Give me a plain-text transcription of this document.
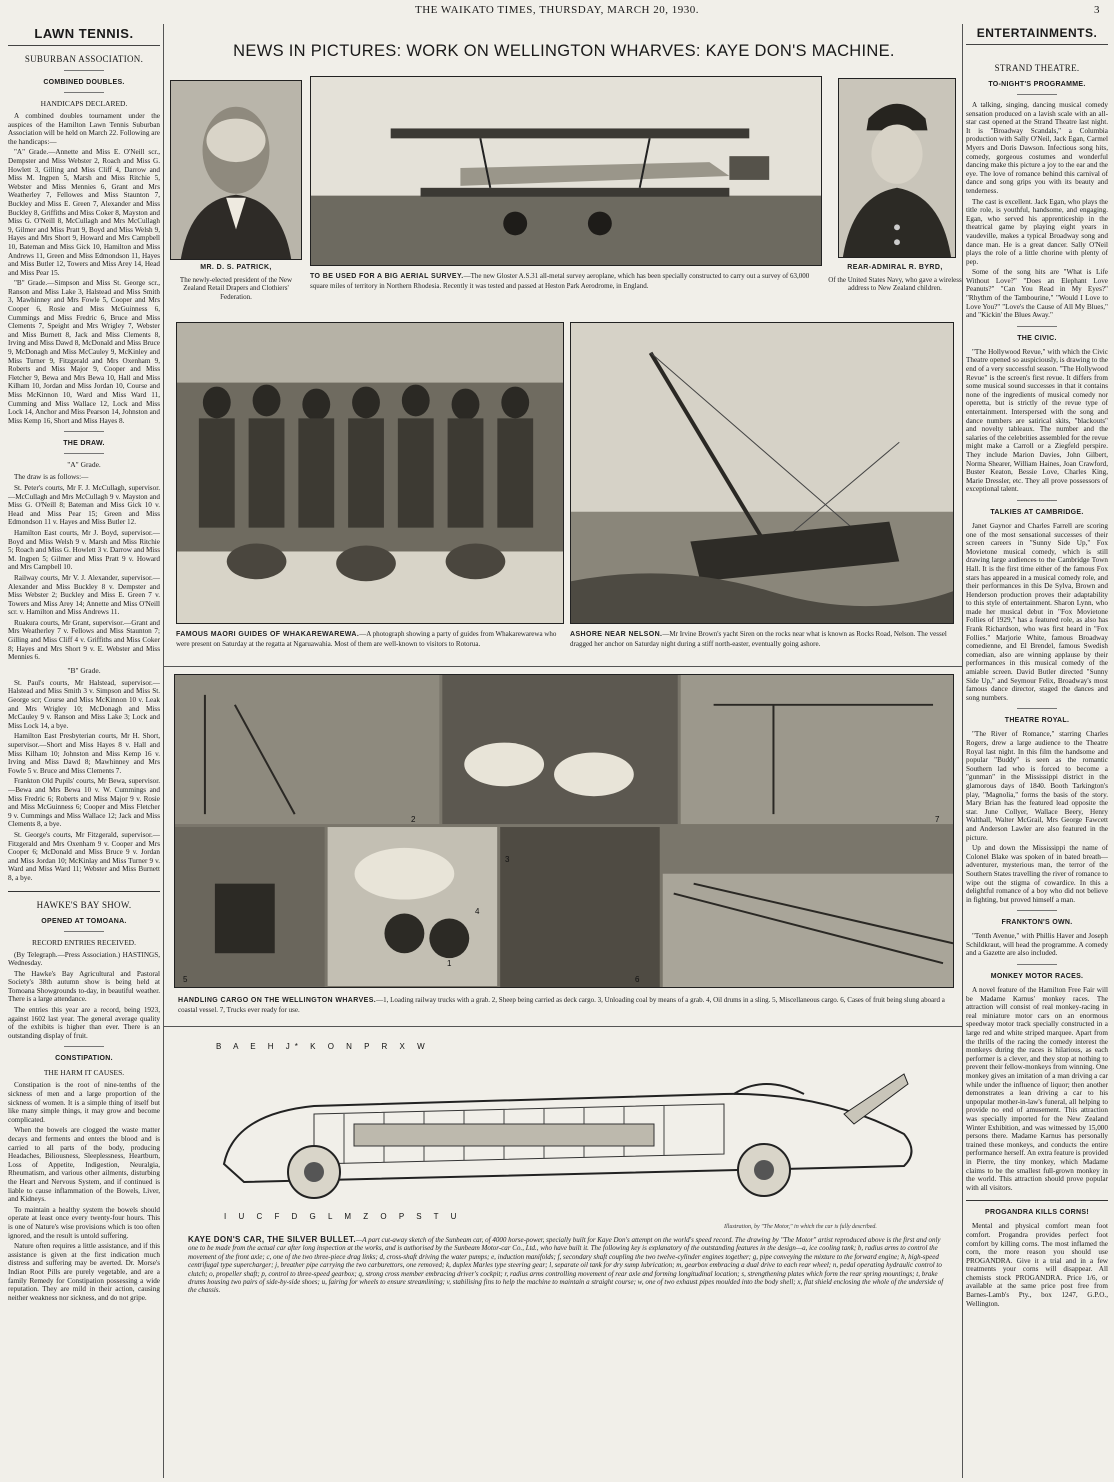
THE WAIKATO TIMES, THURSDAY, MARCH 20, 1930.	3
LAWN TENNIS.
SUBURBAN ASSOCIATION.
COMBINED DOUBLES.
HANDICAPS DECLARED.

A combined doubles tournament under the auspices of the Hamilton Lawn Tennis Suburban Association will be held on March 22. Following are the handicaps:—

"A" Grade.—Annette and Miss E. O'Neill scr., Dempster and Miss Webster 2, Roach and Miss G. Howlett 3, Gilling and Miss Cliff 4, Darrow and Miss M. Ingpen 5, Marsh and Miss Ritchie 5, Webster and Miss Mennies 6, Grant and Mrs Weatherley 7, Fellowes and Miss Staunton 7, Buckley and Miss E. Green 7, Alexander and Miss Buckley 8, Griffiths and Miss Coker 8, Mayston and Miss G. O'Neill 8, McCullagh and Mrs McCullagh 9, Gilmer and Miss Pratt 9, Boyd and Miss Welsh 9, Hayes and Mrs Short 9, Howard and Mrs Campbell 10, Bateman and Miss Gick 10, Hamilton and Miss Andrews 11, Green and Miss Edmondson 11, Hayes and Miss Butler 12, Towers and Miss Arey 14, Head and Miss Pear 15.

"B" Grade.—Simpson and Miss St. George scr., Ranson and Miss Lake 3, Halstead and Miss Smith 3, Mawhinney and Mrs Fowle 5, Cooper and Mrs Cooper 6, Rosie and Miss McGuinness 6, Cummings and Miss Fredric 6, Bruce and Miss Clements 7, Speight and Mrs Wrigley 7, Webster and Miss Burnett 8, Jack and Miss Clements 8, Irving and Miss Dawd 8, McDonald and Miss Bruce 9, McDonagh and Miss McCauley 9, McKinley and Miss Turner 9, Fitzgerald and Mrs Oxenham 9, Roberts and Miss Major 9, Cooper and Miss Fletcher 9, Bewa and Mrs Bewa 10, Hall and Miss Kilham 10, Jordan and Miss Jordan 10, Course and Miss McKinnon 10, Ward and Miss Ward 11, Cumming and Miss Wallace 12, Lock and Miss Lock 14, Anchor and Miss Pearson 14, Johnston and Miss Kemp 16, Short and Miss Hayes 8.

THE DRAW.
"A" Grade.

The draw is as follows:—

St. Peter's courts, Mr F. J. McCullagh, supervisor.—McCullagh and Mrs McCullagh 9 v. Mayston and Miss G. O'Neill 8; Bateman and Miss Gick 10 v. Head and Miss Pear 15; Green and Miss Edmondson 11 v. Hayes and Miss Butler 12.

Hamilton East courts, Mr J. Boyd, supervisor.—Boyd and Miss Welsh 9 v. Marsh and Miss Ritchie 5; Roach and Miss G. Howlett 3 v. Darrow and Miss M. Ingpen 5; Gilmer and Miss Pratt 9 v. Howard and Mrs Campbell 10.

Railway courts, Mr V. J. Alexander, supervisor.—Alexander and Miss Buckley 8 v. Dempster and Miss Webster 2; Buckley and Miss E. Green 7 v. Towers and Miss Arey 14; Annette and Miss O'Neill scr. v. Hamilton and Miss Andrews 11.

Ruakura courts, Mr Grant, supervisor.—Grant and Mrs Weatherley 7 v. Fellows and Miss Staunton 7; Gilling and Miss Cliff 4 v. Griffiths and Miss Coker 8; Hayes and Mrs Short 9 v. E. Webster and Miss Mennies 6.

"B" Grade.

St. Paul's courts, Mr Halstead, supervisor.—Halstead and Miss Smith 3 v. Simpson and Miss St. George scr; Course and Miss McKinnon 10 v. Leak and Mrs Wrigley 10; McDonagh and Miss McCauley 9 v. Ranson and Miss Lake 3; Lock and Miss Lock 14, a bye.

Hamilton East Presbyterian courts, Mr H. Short, supervisor.—Short and Miss Hayes 8 v. Hall and Miss Kilham 10; Johnston and Miss Kemp 16 v. Irving and Miss Dawd 8; Mawhinney and Mrs Fowle 5 v. Bruce and Miss Clements 7.

Frankton Old Pupils' courts, Mr Bewa, supervisor.—Bewa and Mrs Bewa 10 v. W. Cummings and Miss Fredric 6; Roberts and Miss Major 9 v. Rosie and Miss McGuinness 6; Cooper and Miss Fletcher 9 v. Cummings and Miss Wallace 12; Jack and Miss Clements 8, a bye.

St. George's courts, Mr Fitzgerald, supervisor.—Fitzgerald and Mrs Oxenham 9 v. Cooper and Mrs Cooper 6; McDonald and Miss Bruce 9 v. Jordan and Miss Jordan 10; McKinlay and Miss Turner 9 v. Ward and Miss Ward 11; Webster and Miss Burnett 8, a bye.

HAWKE'S BAY SHOW.
OPENED AT TOMOANA.
RECORD ENTRIES RECEIVED.

(By Telegraph.—Press Association.) HASTINGS, Wednesday.

The Hawke's Bay Agricultural and Pastoral Society's 38th autumn show is being held at Tomoana Showgrounds to-day, in beautiful weather. There is a large attendance.

The entries this year are a record, being 1923, against 1602 last year. The general average quality of the exhibits is higher than ever. There is an outstanding display of fruit.

CONSTIPATION.
THE HARM IT CAUSES.

Constipation is the root of nine-tenths of the sickness of men and a large proportion of the sickness of women. It is a simple thing of itself but like many simple things, it may grow and become complicated.

When the bowels are clogged the waste matter decays and ferments and enters the blood and is carried to all parts of the body, producing Headaches, Biliousness, Sleeplessness, Heartburn, Loss of Appetite, Indigestion, Neuralgia, Rheumatism, and various other ailments, disturbing the Heart and Nervous System, and if continued is liable to cause inflammation of the Bowels, Liver, and Kidneys.

To maintain a healthy system the bowels should operate at least once every twenty-four hours. This is one of Nature's wise provisions which is too often ignored, and the result is untold suffering.

Nature often requires a little assistance, and if this assistance is given at the first indication much distress and suffering may be averted. Dr. Morse's Indian Root Pills are purely vegetable, and are a family Remedy for Constipation possessing a wide reputation. They are mild in their action, causing neither weakness nor sickness, and do not gripe.

NEWS IN PICTURES: WORK ON WELLINGTON WHARVES: KAYE DON'S MACHINE.
MR. D. S. PATRICK,
The newly-elected president of the New Zealand Retail Drapers and Clothiers' Federation.
TO BE USED FOR A BIG AERIAL SURVEY.—The new Gloster A.S.31 all-metal survey aeroplane, which has been specially constructed to carry out a survey of 63,000 square miles of territory in Northern Rhodesia. Recently it was tested and passed at Heston Park Aerodrome, in England.
REAR-ADMIRAL R. BYRD,
Of the United States Navy, who gave a wireless address to New Zealand children.
FAMOUS MAORI GUIDES OF WHAKAREWAREWA.—A photograph showing a party of guides from Whakarewarewa who were present on Saturday at the regatta at Ngaruawahia. Most of them are well-known to visitors to Rotorua.
ASHORE NEAR NELSON.—Mr Irvine Brown's yacht Siren on the rocks near what is known as Rocks Road, Nelson. The vessel dragged her anchor on Saturday night during a stiff north-easter, eventually going ashore.
2
3
4
1
5	6
7
HANDLING CARGO ON THE WELLINGTON WHARVES.—1, Loading railway trucks with a grab. 2, Sheep being carried as deck cargo. 3, Unloading coal by means of a grab. 4, Oil drums in a sling. 5, Miscellaneous cargo. 6, Cases of fruit being slung aboard a coastal vessel. 7, Trucks ever ready for use.
B A E H J* K O N P R X W
I U C F D G L M Z O P S T U
Illustration, by "The Motor," in which the car is fully described.
KAYE DON'S CAR, THE SILVER BULLET.—A part cut-away sketch of the Sunbeam car, of 4000 horse-power, specially built for Kaye Don's attempt on the world's speed record. The drawing by "The Motor" artist reproduced above is the first and only one to be made from the actual car after long inspection at the works, and is authorised by the Sunbeam Motor-car Co., Ltd., who have built it. The following key is explanatory of the outstanding features in the design—a, ice cooling tank; b, radius arms to control the movement of the front axle; c, one of the two three-piece drag links; d, cross-shaft driving the water pumps; e, induction manifolds; f, secondary shaft coupling the two twelve-cylinder engines together; g, pipe conveying the mixture to the forward engine; h, high-speed centrifugal type supercharger; j, breather pipe carrying the two carburettors, one removed; k, duplex Marles type steering gear; l, separate oil tank for dry sump lubrication; m, gearbox embracing a dual drive to each rear wheel; n, pedal operating hydraulic control to clutch; o, propeller shaft; p, control to three-speed gearbox; q, strong cross member embracing driver's cockpit; r, radius arms controlling movement of rear axle and forming longitudinal location; s, strengthening plates which form the rear spring mountings; t, brake drums housing two pairs of side-by-side shoes; u, fairing for wheels to ensure streamlining; v, stabilising fins to help the machine to maintain a straight course; w, one of two exhaust pipes moulded into the body shell; x, flat shield enclosing the whole of the underside of the chassis.
ENTERTAINMENTS.
STRAND THEATRE.
TO-NIGHT'S PROGRAMME.

A talking, singing, dancing musical comedy sensation produced on a lavish scale with an all-star cast opened at the Strand Theatre last night. It is "Broadway Scandals," a Columbia production with Sally O'Neil, Jack Egan, Carmel Myers and Doris Dawson. Infectious song hits, comedy, gorgeous costumes and wonderful dancing make this picture a joy to the ear and the eye. The love of romance behind this carnival of dance and song grips you with its beauty and tenderness.

The cast is excellent. Jack Egan, who plays the title role, is youthful, handsome, and engaging. Egan, who served his apprenticeship in the theatrical game by playing eight years in vaudeville, makes a typical Broadway song and dance man. He is a great dancer. Sally O'Neil plays the role of a little chorine with plenty of pep.

Some of the song hits are "What is Life Without Love?" "Does an Elephant Love Peanuts?" "Can You Read in My Eyes?" "Rhythm of the Tambourine," "Would I Love to Love You?" "Love's the Cause of All My Blues," and "Kickin' the Blues Away."

THE CIVIC.

"The Hollywood Revue," with which the Civic Theatre opened so auspiciously, is drawing to the end of a very successful season. "The Hollywood Revue" is the screen's first revue. It differs from some musical sound successes in that it contains none of the ingredients of musical comedy nor operetta, but is strictly of the revue type of entertainment. Interspersed with the song and dance numbers are satirical skits, "blackouts" and novelty tableaux. The number and the salaries of the celebrities assembled for the revue might make a Carroll or a Ziegfeld perspire. They include Marion Davies, John Gilbert, Norma Shearer, William Haines, Joan Crawford, Buster Keaton, Bessie Love, Charles King, Marie Dressler, etc. They all prove possessors of exceptional talent.

TALKIES AT CAMBRIDGE.

Janet Gaynor and Charles Farrell are scoring one of the most sensational successes of their screen careers in "Sunny Side Up," Fox Movietone musical comedy, which is still drawing large audiences to the Cambridge Town Hall. It is the first time either of the famous Fox stars has appeared in a musical comedy role, and their performances in this De Sylva, Brown and Henderson production proves their adaptability to this style of entertainment. Sharon Lynn, who made her musical debut in "Fox Movietone Follies of 1929," has a featured role, as also has Frank Richardson, who was first heard in "Fox Follies." Marjorie White, famous Broadway comedienne, and El Brendel, famous Swedish comedian, also are winning applause by their performances in this musical comedy of the amiable screen. David Butler directed "Sunny Side Up," and Seymour Felix, Broadway's most famous dance director, staged the dances and song numbers.

THEATRE ROYAL.

"The River of Romance," starring Charles Rogers, drew a large audience to the Theatre Royal last night. In this film the handsome and popular "Buddy" is seen as the romantic Southern lad who is forced to become a "gunman" in the Mississippi district in the glamorous days of 1840. Booth Tarkington's play, "Magnolia," forms the basis of the story. Mary Brian has the featured lead opposite the star. June Collyer, Wallace Beery, Henry Walthall, Walter McGrail, Mrs George Fawcett and Anderson Lawler are also featured in the picture.

Up and down the Mississippi the name of Colonel Blake was spoken of in bated breath—adventurer, mysterious man, the terror of the Southern States travelling the river of romance to wipe out the stigma of cowardice. In this a delightful romance of a boy who did not believe in fighting, but proved himself a man.

FRANKTON'S OWN.

"Tenth Avenue," with Phillis Haver and Joseph Schildkraut, will head the programme. A comedy and a Gazette are also included.

MONKEY MOTOR RACES.

A novel feature of the Hamilton Free Fair will be Madame Karnus' monkey races. The attraction will consist of real monkey-racing in real miniature motor cars on an enormous speedway motor track specially constructed in a large red and white striped marquee. Apart from the thrills of the racing the comedy interest the monkeys during the races is hilarious, as each performer is a clever, and they stop at nothing to prevent their fellow-monkeys from winning. One monkey gives an imitation of a man driving a car while under the influence of liquor; then another demonstrates a lean driving a car to his unpopular mother-in-law's funeral, all helping to provide no end of amusement. This attraction was specially imported for the New Zealand Winter Exhibition, and was witnessed by 15,000 persons there. Madame Karnus has personally trained these monkeys, and conducts the entire performance herself. An extra feature is provided in Pierre, the tiny monkey, which Madame claims to be the smallest full-grown monkey in the world. This attraction should prove popular with all visitors.

PROGANDRA KILLS CORNS!

Mental and physical comfort mean foot comfort. Progandra provides perfect foot comfort by killing corns. The most inflamed the corn, the more reason you should use PROGANDRA. Give it a trial and in a few treatments your corns will disappear. All chemists stock PROGANDRA. Price 1/6, or available at the same price post free from Barnes-Lamb's Pty., box 1247, G.P.O., Wellington.
